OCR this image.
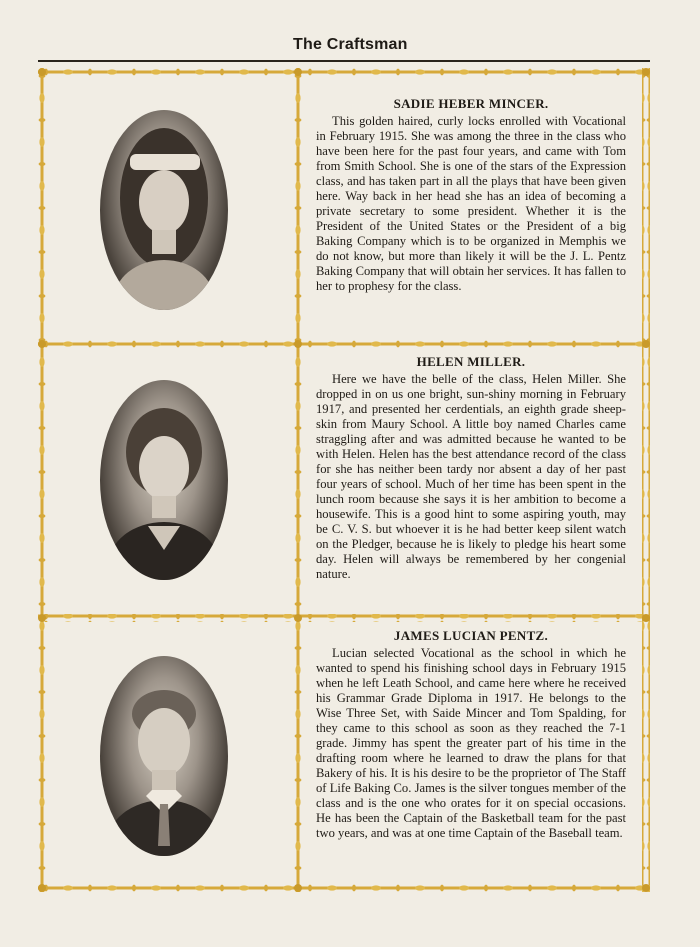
The Craftsman

SADIE HEBER MINCER.

This golden haired, curly locks enrolled with Vocational in February 1915. She was among the three in the class who have been here for the past four years, and came with Tom from Smith School. She is one of the stars of the Expression class, and has taken part in all the plays that have been given here. Way back in her head she has an idea of becoming a private secretary to some president. Whether it is the President of the United States or the President of a big Baking Company which is to be organized in Memphis we do not know, but more than likely it will be the J. L. Pentz Baking Company that will obtain her services. It has fallen to her to prophesy for the class.

HELEN MILLER.

Here we have the belle of the class, Helen Miller. She dropped in on us one bright, sun-shiny morning in February 1917, and presented her cerdentials, an eighth grade sheep-skin from Maury School. A little boy named Charles came straggling after and was admitted because he wanted to be with Helen. Helen has the best attendance record of the class for she has neither been tardy nor absent a day of her past four years of school. Much of her time has been spent in the lunch room because she says it is her ambition to become a housewife. This is a good hint to some aspiring youth, may be C. V. S. but whoever it is he had better keep silent watch on the Pledger, because he is likely to pledge his heart some day. Helen will always be remembered by her congenial nature.

JAMES LUCIAN PENTZ.

Lucian selected Vocational as the school in which he wanted to spend his finishing school days in February 1915 when he left Leath School, and came here where he received his Grammar Grade Diploma in 1917. He belongs to the Wise Three Set, with Saide Mincer and Tom Spalding, for they came to this school as soon as they reached the 7-1 grade. Jimmy has spent the greater part of his time in the drafting room where he learned to draw the plans for that Bakery of his. It is his desire to be the proprietor of The Staff of Life Baking Co. James is the silver tongues member of the class and is the one who orates for it on special occasions. He has been the Captain of the Basketball team for the past two years, and was at one time Captain of the Baseball team.
